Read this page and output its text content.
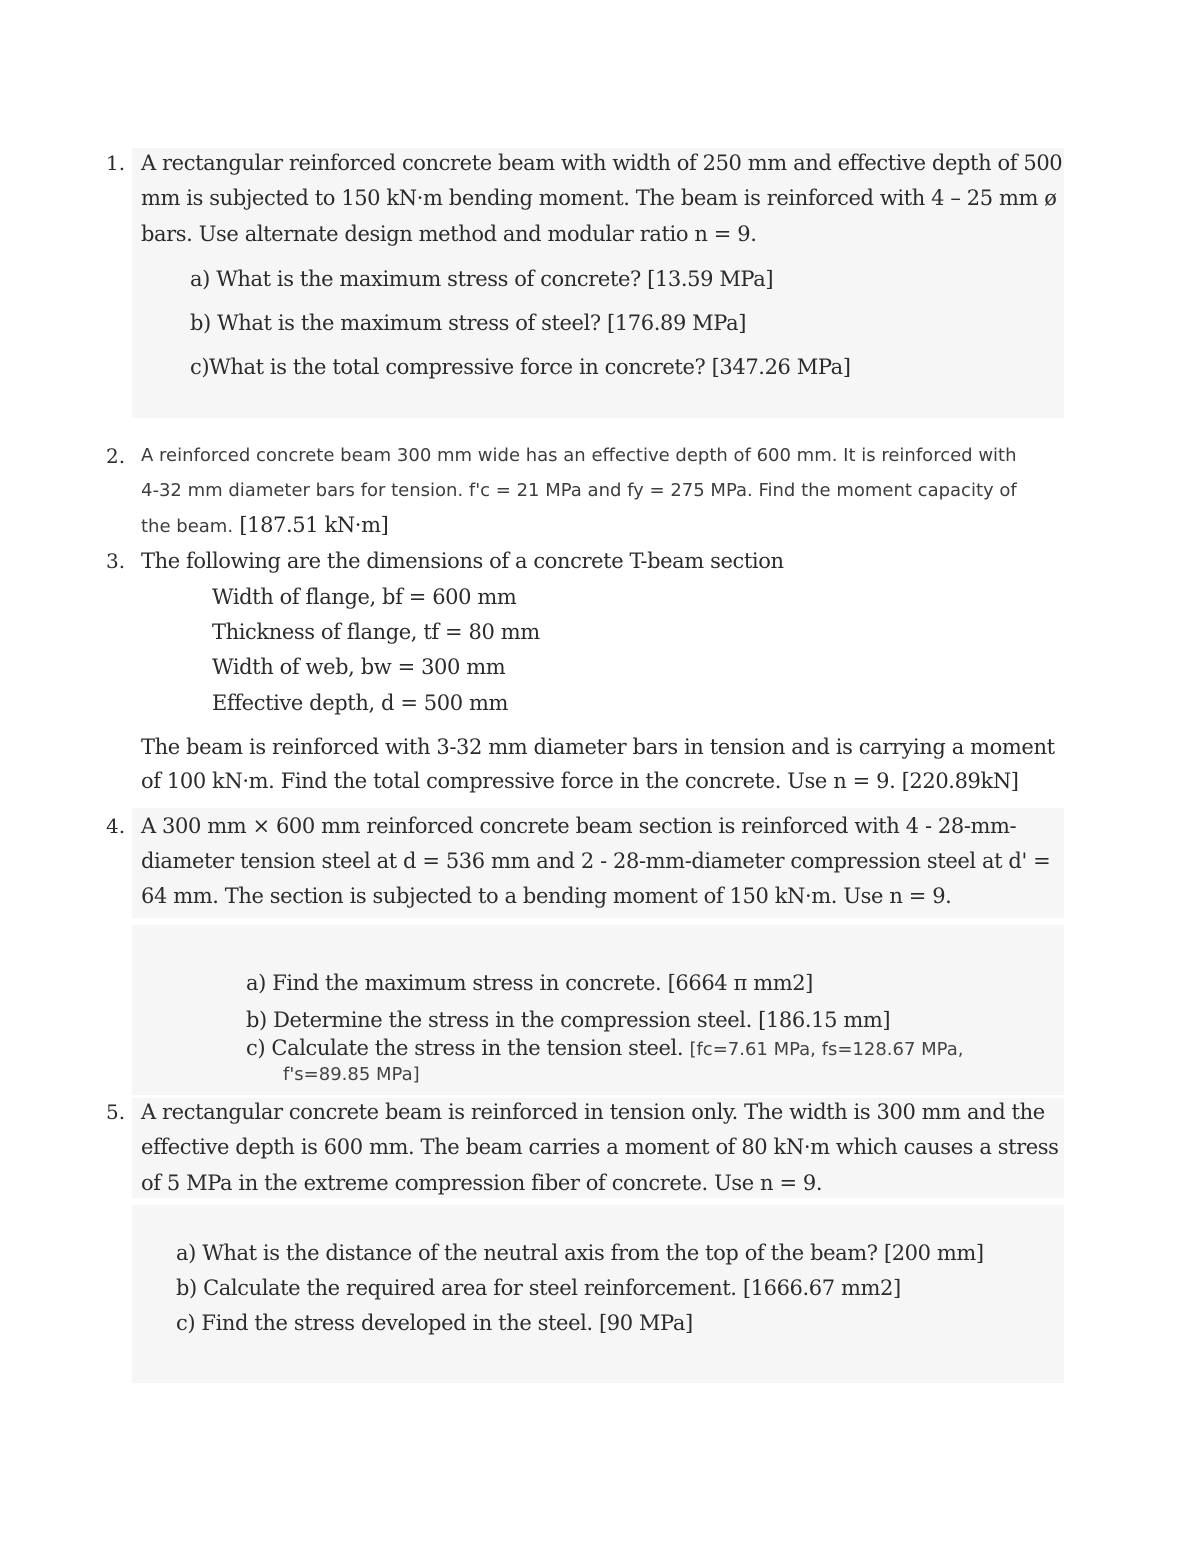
1. A rectangular reinforced concrete beam with width of 250 mm and effective depth of 500
mm is subjected to 150 kN·m bending moment. The beam is reinforced with 4 – 25 mm ø
bars. Use alternate design method and modular ratio n = 9.
a) What is the maximum stress of concrete? [13.59 MPa]
b) What is the maximum stress of steel? [176.89 MPa]
c)What is the total compressive force in concrete? [347.26 MPa]
2. A reinforced concrete beam 300 mm wide has an effective depth of 600 mm. It is reinforced with
4-32 mm diameter bars for tension. f'c = 21 MPa and fy = 275 MPa. Find the moment capacity of
the beam. [187.51 kN·m]
3. The following are the dimensions of a concrete T-beam section
Width of flange, bf = 600 mm
Thickness of flange, tf = 80 mm
Width of web, bw = 300 mm
Effective depth, d = 500 mm
The beam is reinforced with 3-32 mm diameter bars in tension and is carrying a moment
of 100 kN·m. Find the total compressive force in the concrete. Use n = 9. [220.89kN]
4. A 300 mm × 600 mm reinforced concrete beam section is reinforced with 4 - 28-mm-
diameter tension steel at d = 536 mm and 2 - 28-mm-diameter compression steel at d' =
64 mm. The section is subjected to a bending moment of 150 kN·m. Use n = 9.
a) Find the maximum stress in concrete. [6664 π mm2]
b) Determine the stress in the compression steel. [186.15 mm]
c) Calculate the stress in the tension steel. [fc=7.61 MPa, fs=128.67 MPa,
f's=89.85 MPa]
5. A rectangular concrete beam is reinforced in tension only. The width is 300 mm and the
effective depth is 600 mm. The beam carries a moment of 80 kN·m which causes a stress
of 5 MPa in the extreme compression fiber of concrete. Use n = 9.
a) What is the distance of the neutral axis from the top of the beam? [200 mm]
b) Calculate the required area for steel reinforcement. [1666.67 mm2]
c) Find the stress developed in the steel. [90 MPa]
